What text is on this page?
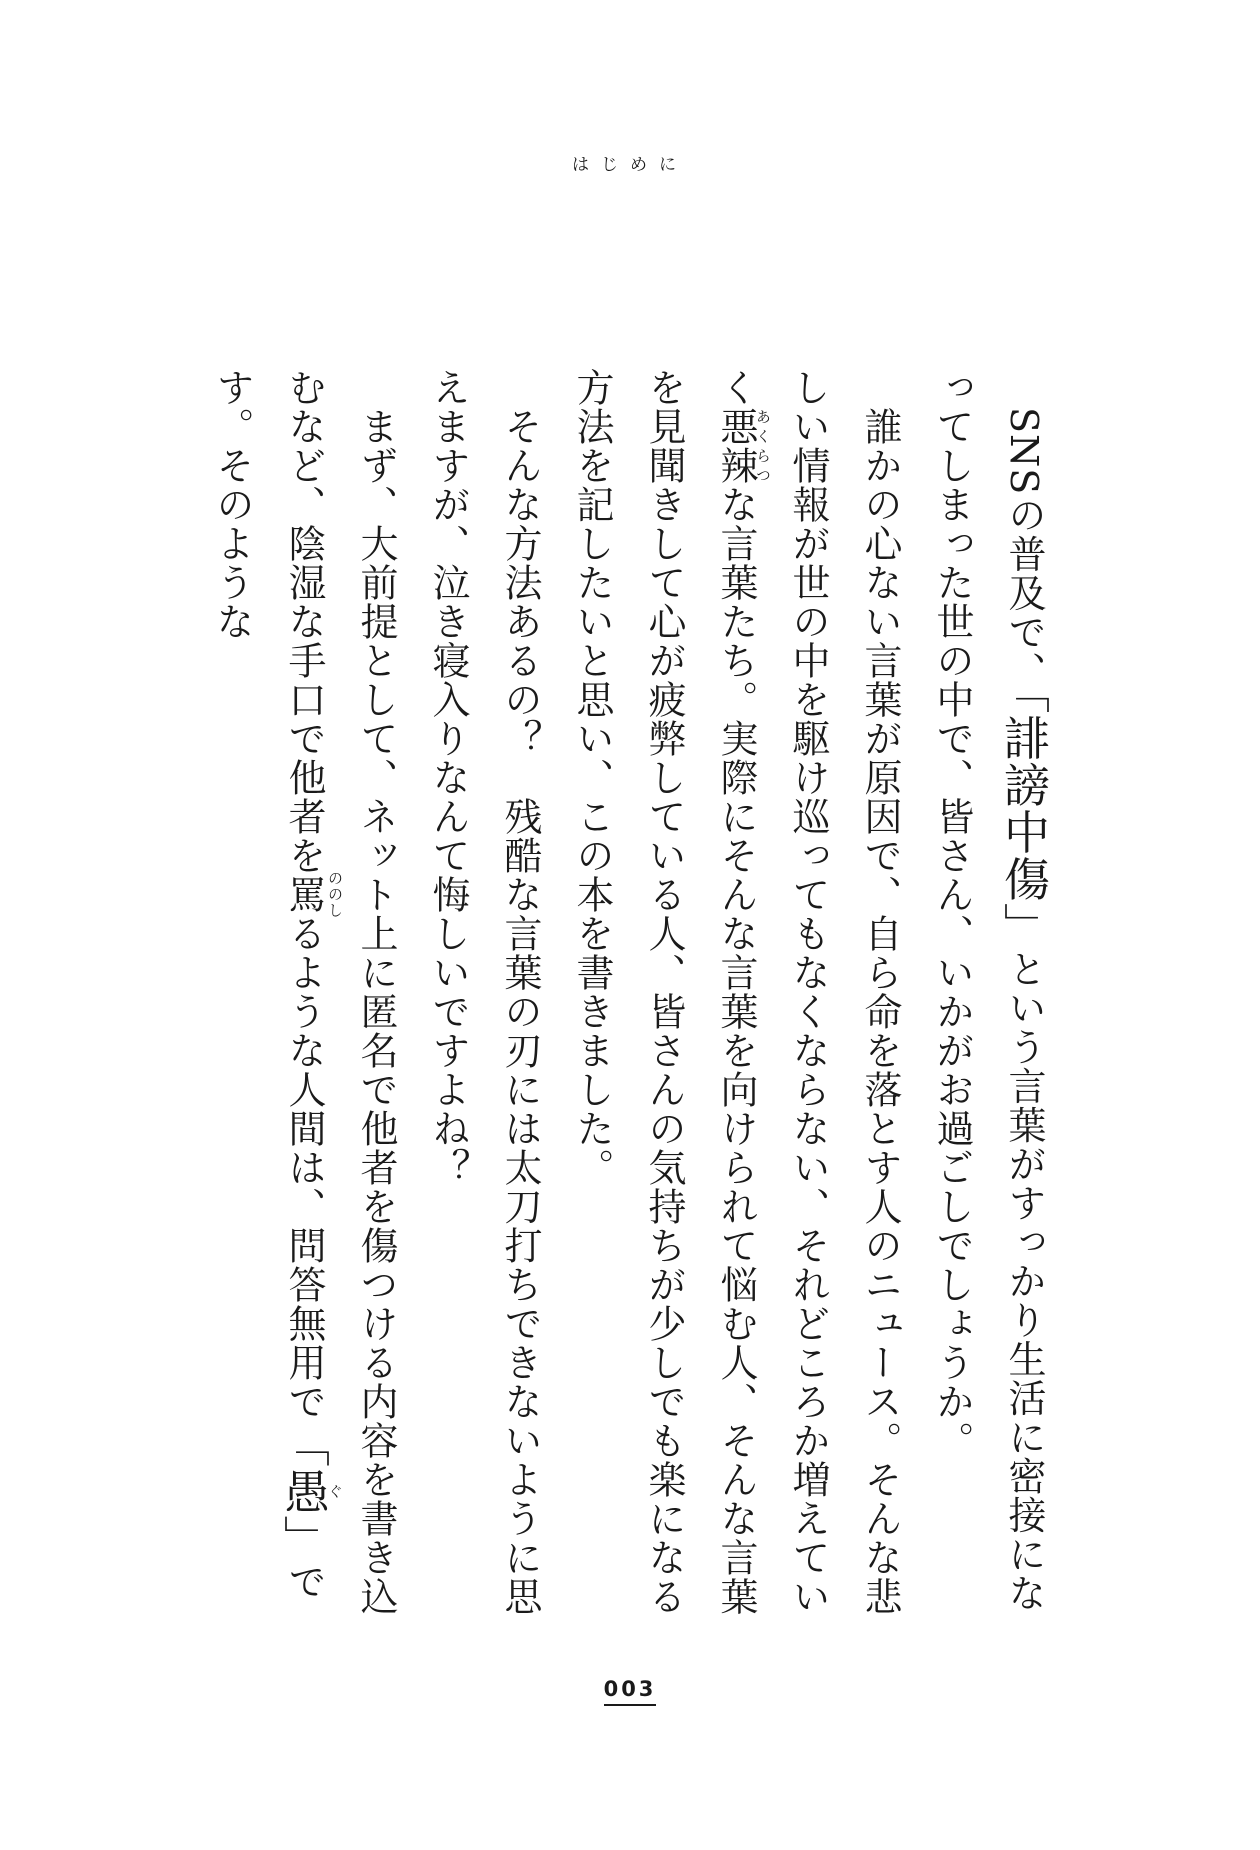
はじめに

　SNSの普及で、「誹謗中傷」という言葉がすっかり生活に密接になってしまった世の中で、皆さん、いかがお過ごしでしょうか。

　誰かの心ない言葉が原因で、自ら命を落とす人のニュース。そんな悲しい情報が世の中を駆け巡ってもなくならない、それどころか増えていく悪辣あくらつな言葉たち。実際にそんな言葉を向けられて悩む人、そんな言葉を見聞きして心が疲弊している人、皆さんの気持ちが少しでも楽になる方法を記したいと思い、この本を書きました。

　そんな方法あるの？　残酷な言葉の刃には太刀打ちできないように思えますが、泣き寝入りなんて悔しいですよね？

　まず、大前提として、ネット上に匿名で他者を傷つける内容を書き込むなど、陰湿な手口で他者を罵 ののしるような人間は、問答無用で「愚ぐ」です。そのような

003
